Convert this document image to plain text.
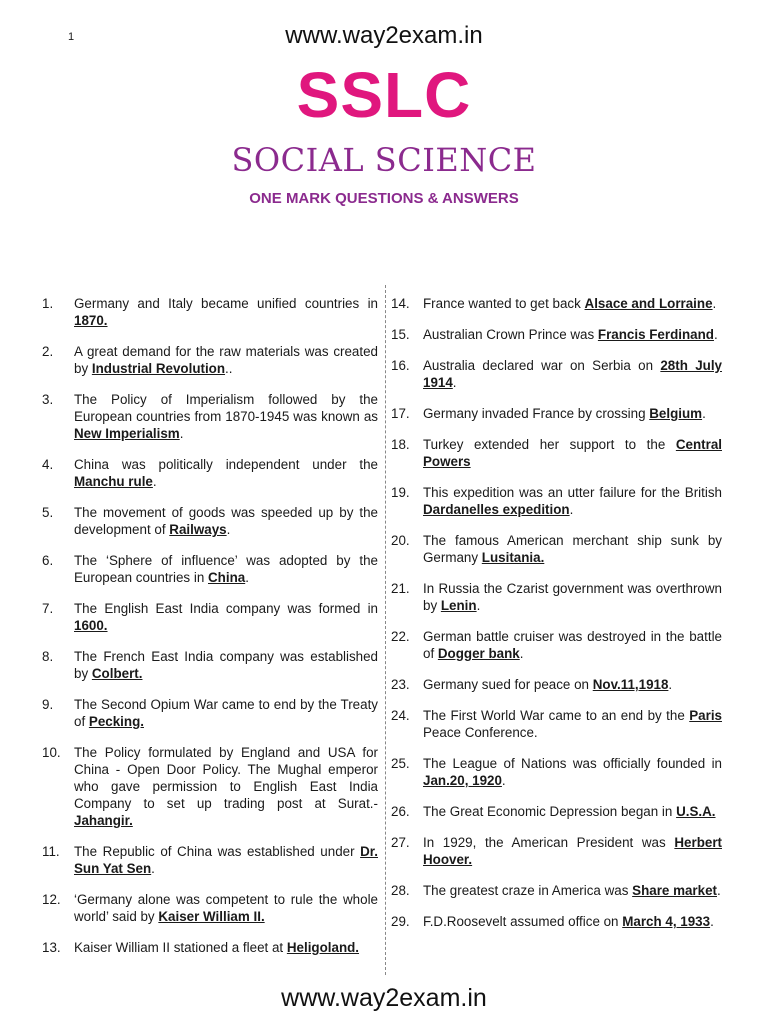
1	www.way2exam.in
SSLC
SOCIAL SCIENCE
ONE MARK QUESTIONS & ANSWERS
1. Germany and Italy became unified countries in 1870.
2. A great demand for the raw materials was created by Industrial Revolution..
3. The Policy of Imperialism followed by the European countries from 1870-1945 was known as New Imperialism.
4. China was politically independent under the Manchu rule.
5. The movement of goods was speeded up by the development of Railways.
6. The ‘Sphere of influence’ was adopted by the European countries in China.
7. The English East India company was formed in 1600.
8. The French East India company was established by Colbert.
9. The Second Opium War came to end by the Treaty of Pecking.
10. The Policy formulated by England and USA for China - Open Door Policy. The Mughal emperor who gave permission to English East India Company to set up trading post at Surat.- Jahangir.
11. The Republic of China was established under Dr. Sun Yat Sen.
12. ‘Germany alone was competent to rule the whole world’ said by Kaiser William II.
13. Kaiser William II stationed a fleet at Heligoland.
14. France wanted to get back Alsace and Lorraine.
15. Australian Crown Prince was Francis Ferdinand.
16. Australia declared war on Serbia on 28th July 1914.
17. Germany invaded France by crossing Belgium.
18. Turkey extended her support to the Central Powers
19. This expedition was an utter failure for the British Dardanelles expedition.
20. The famous American merchant ship sunk by Germany Lusitania.
21. In Russia the Czarist government was overthrown by Lenin.
22. German battle cruiser was destroyed in the battle of Dogger bank.
23. Germany sued for peace on Nov.11,1918.
24. The First World War came to an end by the Paris Peace Conference.
25. The League of Nations was officially founded in Jan.20, 1920.
26. The Great Economic Depression began in U.S.A.
27. In 1929, the American President was Herbert Hoover.
28. The greatest craze in America was Share market.
29. F.D.Roosevelt assumed office on March 4, 1933.
www.way2exam.in
